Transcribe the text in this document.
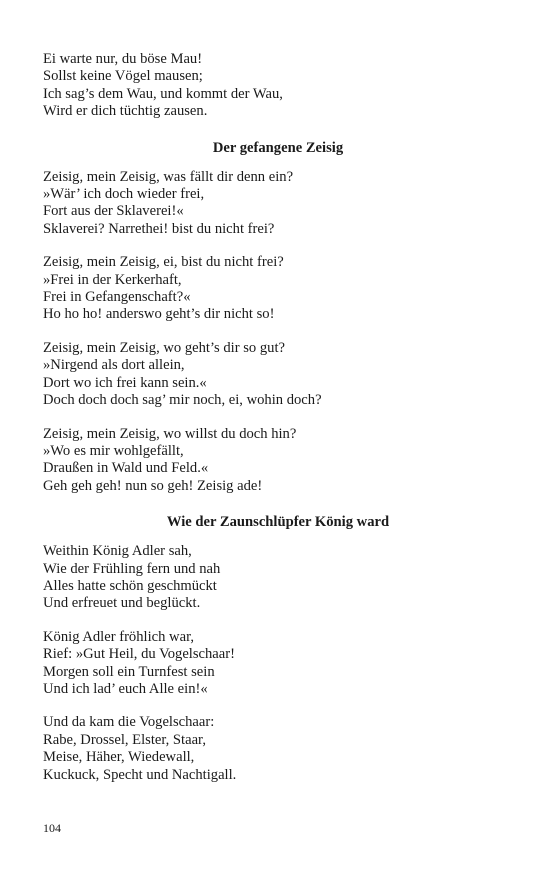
Ei warte nur, du böse Mau!
Sollst keine Vögel mausen;
Ich sag’s dem Wau, und kommt der Wau,
Wird er dich tüchtig zausen.
Der gefangene Zeisig
Zeisig, mein Zeisig, was fällt dir denn ein?
»Wär’ ich doch wieder frei,
Fort aus der Sklaverei!«
Sklaverei? Narrethei! bist du nicht frei?
Zeisig, mein Zeisig, ei, bist du nicht frei?
»Frei in der Kerkerhaft,
Frei in Gefangenschaft?«
Ho ho ho! anderswo geht’s dir nicht so!
Zeisig, mein Zeisig, wo geht’s dir so gut?
»Nirgend als dort allein,
Dort wo ich frei kann sein.«
Doch doch doch sag’ mir noch, ei, wohin doch?
Zeisig, mein Zeisig, wo willst du doch hin?
»Wo es mir wohlgefällt,
Draußen in Wald und Feld.«
Geh geh geh! nun so geh! Zeisig ade!
Wie der Zaunschlüpfer König ward
Weithin König Adler sah,
Wie der Frühling fern und nah
Alles hatte schön geschmückt
Und erfreuet und beglückt.
König Adler fröhlich war,
Rief: »Gut Heil, du Vogelschaar!
Morgen soll ein Turnfest sein
Und ich lad’ euch Alle ein!«
Und da kam die Vogelschaar:
Rabe, Drossel, Elster, Staar,
Meise, Häher, Wiedewall,
Kuckuck, Specht und Nachtigall.
104
